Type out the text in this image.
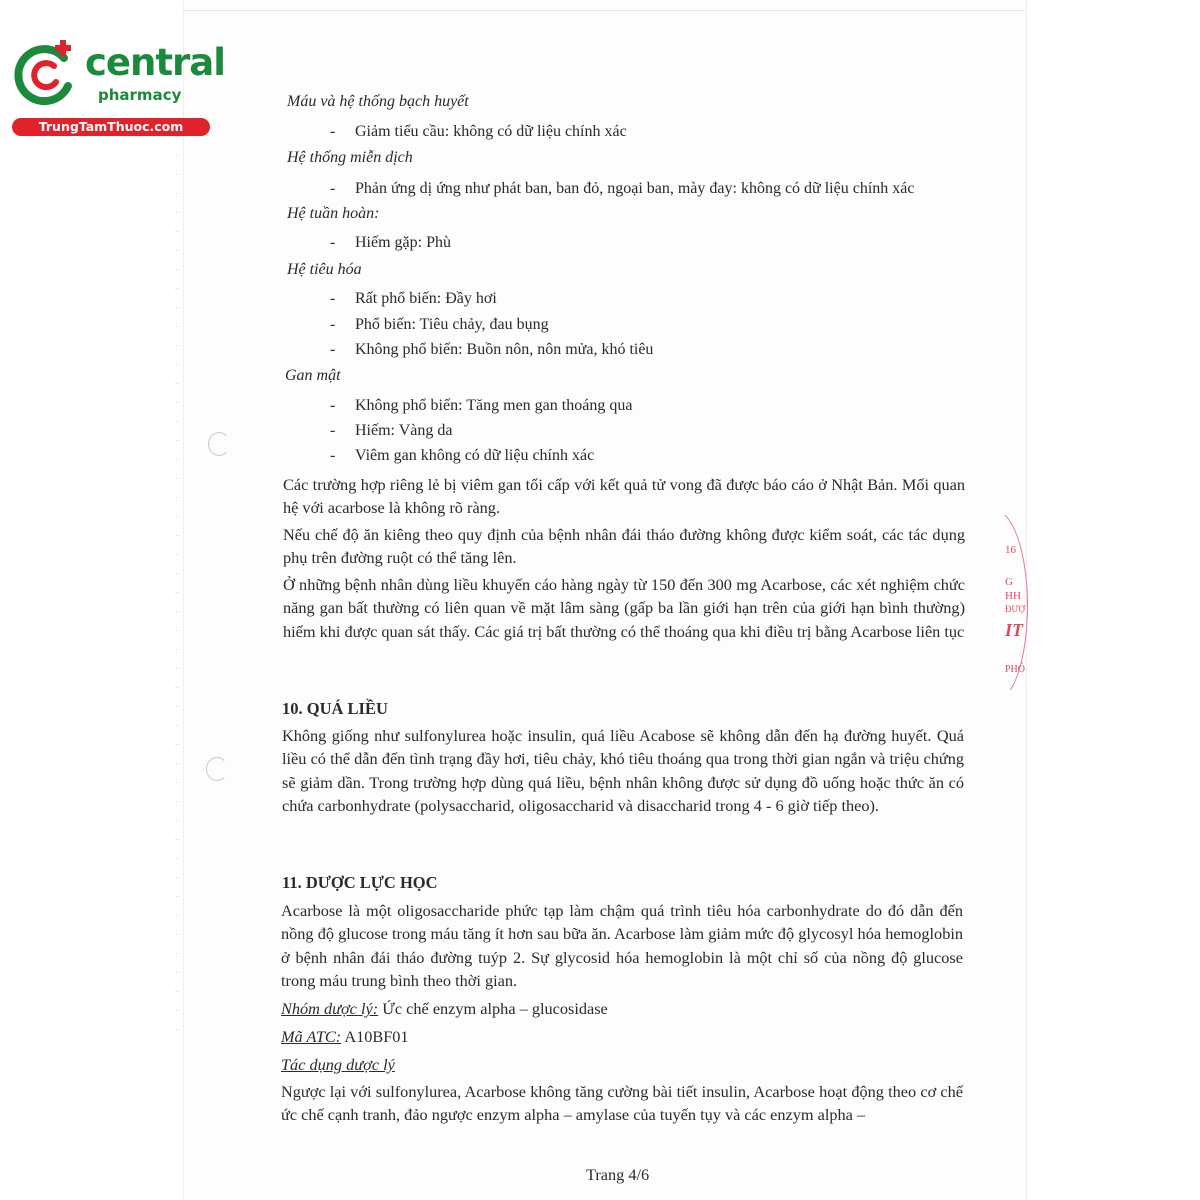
central
pharmacy
TrungTamThuoc.com
16
G
HH
ĐƯỢ
IT
PHÓ
Máu và hệ thống bạch huyết
- Giảm tiểu cầu: không có dữ liệu chính xác
Hệ thống miễn dịch
- Phản ứng dị ứng như phát ban, ban đỏ, ngoại ban, mày đay: không có dữ liệu chính xác
Hệ tuần hoàn:
- Hiếm gặp: Phù
Hệ tiêu hóa
- Rất phổ biến: Đầy hơi
- Phổ biến: Tiêu chảy, đau bụng
- Không phổ biến: Buồn nôn, nôn mửa, khó tiêu
Gan mật
- Không phổ biến: Tăng men gan thoáng qua
- Hiếm: Vàng da
- Viêm gan không có dữ liệu chính xác
Các trường hợp riêng lẻ bị viêm gan tối cấp với kết quả tử vong đã được báo cáo ở Nhật Bản. Mối quan hệ với acarbose là không rõ ràng.
Nếu chế độ ăn kiêng theo quy định của bệnh nhân đái tháo đường không được kiểm soát, các tác dụng phụ trên đường ruột có thể tăng lên.
Ở những bệnh nhân dùng liều khuyến cáo hàng ngày từ 150 đến 300 mg Acarbose, các xét nghiệm chức năng gan bất thường có liên quan về mặt lâm sàng (gấp ba lần giới hạn trên của giới hạn bình thường) hiếm khi được quan sát thấy. Các giá trị bất thường có thể thoáng qua khi điều trị bằng Acarbose liên tục
10. QUÁ LIỀU
Không giống như sulfonylurea hoặc insulin, quá liều Acabose sẽ không dẫn đến hạ đường huyết. Quá liều có thể dẫn đến tình trạng đầy hơi, tiêu chảy, khó tiêu thoáng qua trong thời gian ngắn và triệu chứng sẽ giảm dần. Trong trường hợp dùng quá liều, bệnh nhân không được sử dụng đồ uống hoặc thức ăn có chứa carbonhydrate (polysaccharid, oligosaccharid và disaccharid trong 4 - 6 giờ tiếp theo).
11. DƯỢC LỰC HỌC
Acarbose là một oligosaccharide phức tạp làm chậm quá trình tiêu hóa carbonhydrate do đó dẫn đến nồng độ glucose trong máu tăng ít hơn sau bữa ăn. Acarbose làm giảm mức độ glycosyl hóa hemoglobin ở bệnh nhân đái tháo đường tuýp 2. Sự glycosid hóa hemoglobin là một chỉ số của nồng độ glucose trong máu trung bình theo thời gian.
Nhóm dược lý: Ức chế enzym alpha – glucosidase
Mã ATC: A10BF01
Tác dụng dược lý
Ngược lại với sulfonylurea, Acarbose không tăng cường bài tiết insulin, Acarbose hoạt động theo cơ chế ức chế cạnh tranh, đảo ngược enzym alpha – amylase của tuyến tụy và các enzym alpha –
Trang 4/6
